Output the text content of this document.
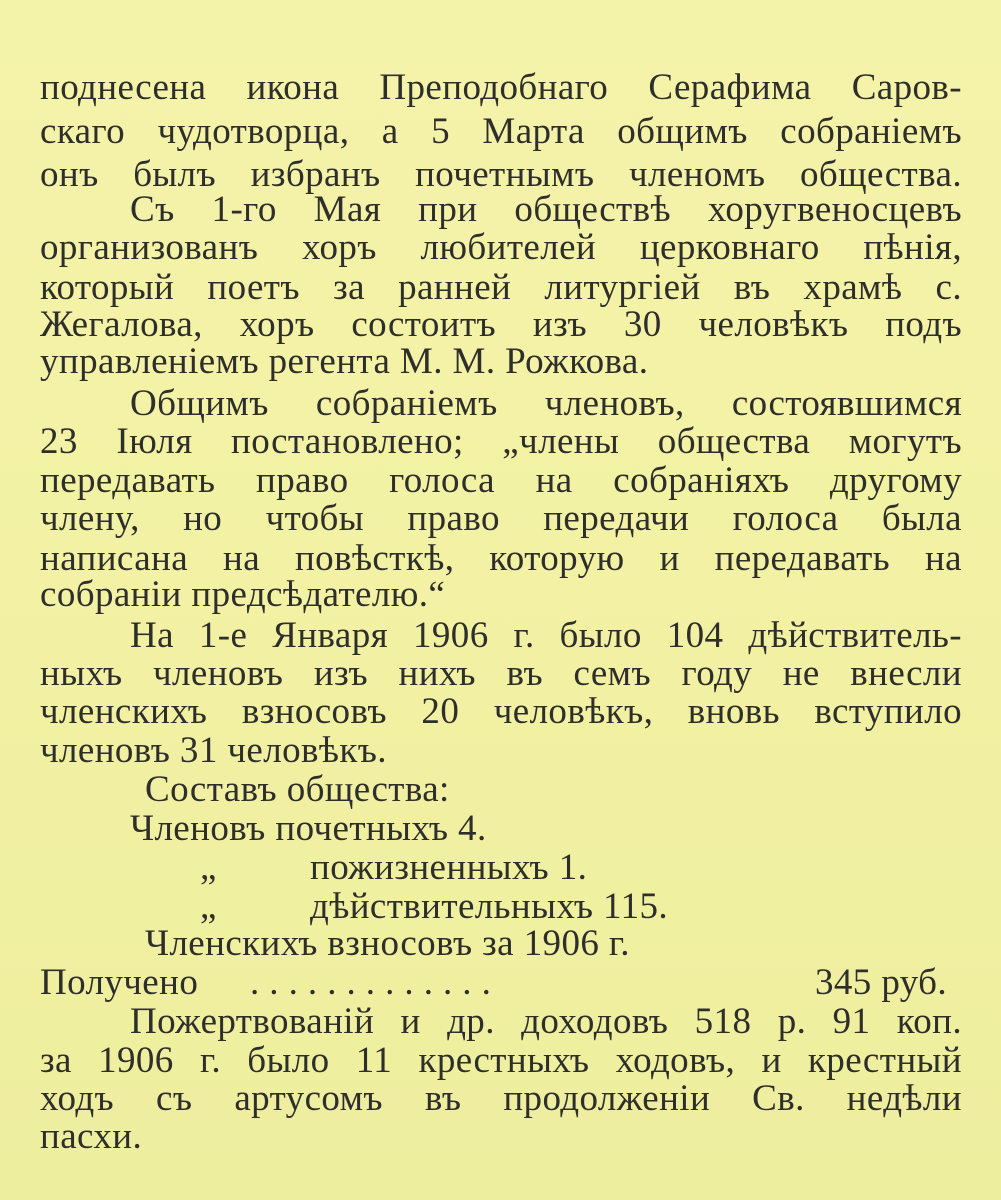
поднесена икона Преподобнаго Серафима Саров-
скаго чудотворца, а 5 Марта общимъ собраніемъ
онъ былъ избранъ почетнымъ членомъ общества.
Съ 1-го Мая при обществѣ хоругвеносцевъ
организованъ хоръ любителей церковнаго пѣнія,
который поетъ за ранней литургіей въ храмѣ с.
Жегалова, хоръ состоитъ изъ 30 человѣкъ подъ
управленіемъ регента М. М. Рожкова.
Общимъ собраніемъ членовъ, состоявшимся
23 Іюля постановлено; „члены общества могутъ
передавать право голоса на собраніяхъ другому
члену, но чтобы право передачи голоса была
написана на повѣсткѣ, которую и передавать на
собраніи предсѣдателю.“
На 1-е Января 1906 г. было 104 дѣйствитель-
ныхъ членовъ изъ нихъ въ семъ году не внесли
членскихъ взносовъ 20 человѣкъ, вновь вступило
членовъ 31 человѣкъ.
Составъ общества:
Членовъ почетныхъ 4.
„	пожизненныхъ 1.
„	дѣйствительныхъ 115.
Членскихъ взносовъ за 1906 г.
Получено	. . . . . . . . . . . . .	345 руб.
Пожертвованій и др. доходовъ 518 р. 91 коп.
за 1906 г. было 11 крестныхъ ходовъ, и крестный
ходъ съ артусомъ въ продолженіи Св. недѣли
пасхи.
